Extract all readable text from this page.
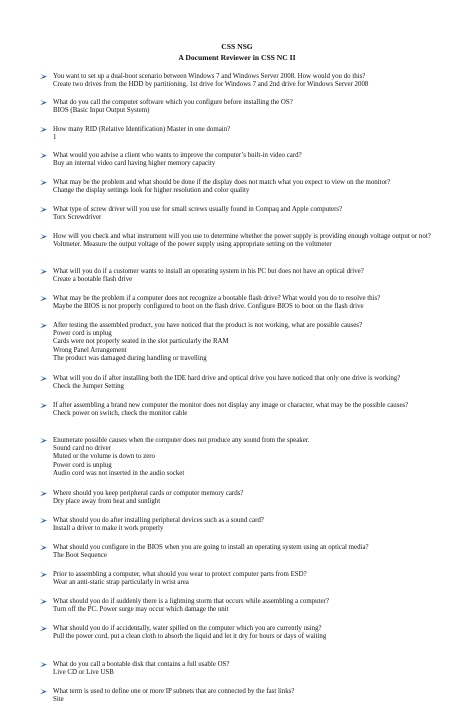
CSS NSG
A Document Reviewer in CSS NC II
You want to set up a dual-boot scenario between Windows 7 and Windows Server 2008. How would you do this?
Create two drives from the HDD by partitioning, 1st drive for Windows 7 and 2nd drive for Windows Server 2008
What do you call the computer software which you configure before installing the OS?
BIOS (Basic Input Output System)
How many RID (Relative Identification) Master in one domain?
1
What would you advise a client who wants to improve the computer’s built-in video card?
Buy an internal video card having higher memory capacity
What may be the problem and what should be done if the display does not match what you expect to view on the monitor?
Change the display settings look for higher resolution and color quality
What type of screw driver will you use for small screws usually found in Compaq and Apple computers?
Torx Screwdriver
How will you check and what instrument will you use to determine whether the power supply is providing enough voltage output or not?
Voltmeter. Measure the output voltage of the power supply using appropriate setting on the voltmeter
What will you do if a customer wants to install an operating system in his PC but does not have an optical drive?
Create a bootable flash drive
What may be the problem if a computer does not recognize a bootable flash drive? What would you do to resolve this?
Maybe the BIOS is not properly configured to boot on the flash drive. Configure BIOS to boot on the flash drive
After testing the assembled product, you have noticed that the product is not working, what are possible causes?
Power cord is unplug
Cards were not properly seated in the slot particularly the RAM
Wrong Panel Arrangement
The product was damaged during handling or travelling
What will you do if after installing both the IDE hard drive and optical drive you have noticed that only one drive is working?
Check the Jumper Setting
If after assembling a brand new computer the monitor does not display any image or character, what may be the possible causes?
Check power on switch, check the monitor cable
Enumerate possible causes when the computer does not produce any sound from the speaker.
Sound card no driver
Muted or the volume is down to zero
Power cord is unplug
Audio cord was not inserted in the audio socket
Where should you keep peripheral cards or computer memory cards?
Dry place away from heat and sunlight
What should you do after installing peripheral devices such as a sound card?
Install a driver to make it work properly
What should you configure in the BIOS when you are going to install an operating system using an optical media?
The Boot Sequence
Prior to assembling a computer, what should you wear to protect computer parts from ESD?
Wear an anti-static strap particularly in wrist area
What should you do if suddenly there is a lightning storm that occurs while assembling a computer?
Turn off the PC. Power surge may occur which damage the unit
What should you do if accidentally, water spilled on the computer which you are currently using?
Pull the power cord, put a clean cloth to absorb the liquid and let it dry for hours or days of waiting
What do you call a bootable disk that contains a full usable OS?
Live CD or Live USB
What term is used to define one or more IP subnets that are connected by the fast links?
Site
